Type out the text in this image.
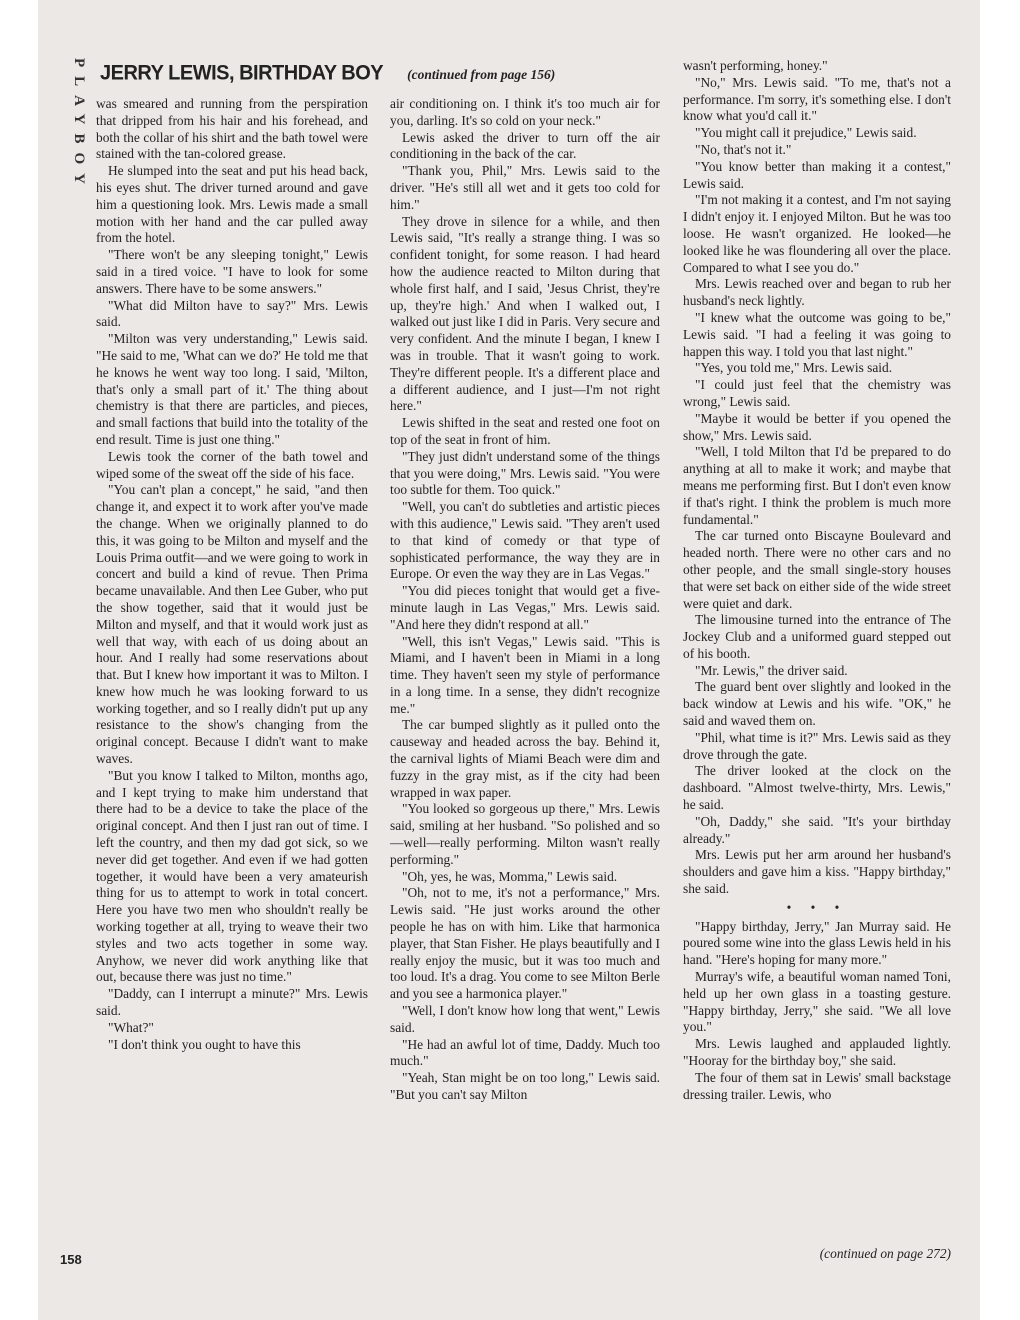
PLAYBOY JERRY LEWIS, BIRTHDAY BOY (continued from page 156)

was smeared and running from the perspiration that dripped from his hair and his forehead, and both the collar of his shirt and the bath towel were stained with the tan-colored grease.

He slumped into the seat and put his head back, his eyes shut. The driver turned around and gave him a questioning look. Mrs. Lewis made a small motion with her hand and the car pulled away from the hotel.

"There won't be any sleeping tonight," Lewis said in a tired voice. "I have to look for some answers. There have to be some answers."

"What did Milton have to say?" Mrs. Lewis said.

"Milton was very understanding," Lewis said. "He said to me, 'What can we do?' He told me that he knows he went way too long. I said, 'Milton, that's only a small part of it.' The thing about chemistry is that there are particles, and pieces, and small factions that build into the totality of the end result. Time is just one thing."

Lewis took the corner of the bath towel and wiped some of the sweat off the side of his face.

"You can't plan a concept," he said, "and then change it, and expect it to work after you've made the change. When we originally planned to do this, it was going to be Milton and myself and the Louis Prima outfit—and we were going to work in concert and build a kind of revue. Then Prima became unavailable. And then Lee Guber, who put the show together, said that it would just be Milton and myself, and that it would work just as well that way, with each of us doing about an hour. And I really had some reservations about that. But I knew how important it was to Milton. I knew how much he was looking forward to us working together, and so I really didn't put up any resistance to the show's changing from the original concept. Because I didn't want to make waves.

"But you know I talked to Milton, months ago, and I kept trying to make him understand that there had to be a device to take the place of the original concept. And then I just ran out of time. I left the country, and then my dad got sick, so we never did get together. And even if we had gotten together, it would have been a very amateurish thing for us to attempt to work in total concert. Here you have two men who shouldn't really be working together at all, trying to weave their two styles and two acts together in some way. Anyhow, we never did work anything like that out, because there was just no time."

"Daddy, can I interrupt a minute?" Mrs. Lewis said.

"What?"

"I don't think you ought to have this

air conditioning on. I think it's too much air for you, darling. It's so cold on your neck."

Lewis asked the driver to turn off the air conditioning in the back of the car.

"Thank you, Phil," Mrs. Lewis said to the driver. "He's still all wet and it gets too cold for him."

They drove in silence for a while, and then Lewis said, "It's really a strange thing. I was so confident tonight, for some reason. I had heard how the audience reacted to Milton during that whole first half, and I said, 'Jesus Christ, they're up, they're high.' And when I walked out, I walked out just like I did in Paris. Very secure and very confident. And the minute I began, I knew I was in trouble. That it wasn't going to work. They're different people. It's a different place and a different audience, and I just—I'm not right here."

Lewis shifted in the seat and rested one foot on top of the seat in front of him.

"They just didn't understand some of the things that you were doing," Mrs. Lewis said. "You were too subtle for them. Too quick."

"Well, you can't do subtleties and artistic pieces with this audience," Lewis said. "They aren't used to that kind of comedy or that type of sophisticated performance, the way they are in Europe. Or even the way they are in Las Vegas."

"You did pieces tonight that would get a five-minute laugh in Las Vegas," Mrs. Lewis said. "And here they didn't respond at all."

"Well, this isn't Vegas," Lewis said. "This is Miami, and I haven't been in Miami in a long time. They haven't seen my style of performance in a long time. In a sense, they didn't recognize me."

The car bumped slightly as it pulled onto the causeway and headed across the bay. Behind it, the carnival lights of Miami Beach were dim and fuzzy in the gray mist, as if the city had been wrapped in wax paper.

"You looked so gorgeous up there," Mrs. Lewis said, smiling at her husband. "So polished and so—well—really performing. Milton wasn't really performing."

"Oh, yes, he was, Momma," Lewis said.

"Oh, not to me, it's not a performance," Mrs. Lewis said. "He just works around the other people he has on with him. Like that harmonica player, that Stan Fisher. He plays beautifully and I really enjoy the music, but it was too much and too loud. It's a drag. You come to see Milton Berle and you see a harmonica player."

"Well, I don't know how long that went," Lewis said.

"He had an awful lot of time, Daddy. Much too much."

"Yeah, Stan might be on too long," Lewis said. "But you can't say Milton

wasn't performing, honey."

"No," Mrs. Lewis said. "To me, that's not a performance. I'm sorry, it's something else. I don't know what you'd call it."

"You might call it prejudice," Lewis said.

"No, that's not it."

"You know better than making it a contest," Lewis said.

"I'm not making it a contest, and I'm not saying I didn't enjoy it. I enjoyed Milton. But he was too loose. He wasn't organized. He looked—he looked like he was floundering all over the place. Compared to what I see you do."

Mrs. Lewis reached over and began to rub her husband's neck lightly.

"I knew what the outcome was going to be," Lewis said. "I had a feeling it was going to happen this way. I told you that last night."

"Yes, you told me," Mrs. Lewis said.

"I could just feel that the chemistry was wrong," Lewis said.

"Maybe it would be better if you opened the show," Mrs. Lewis said.

"Well, I told Milton that I'd be prepared to do anything at all to make it work; and maybe that means me performing first. But I don't even know if that's right. I think the problem is much more fundamental."

The car turned onto Biscayne Boulevard and headed north. There were no other cars and no other people, and the small single-story houses that were set back on either side of the wide street were quiet and dark.

The limousine turned into the entrance of The Jockey Club and a uniformed guard stepped out of his booth.

"Mr. Lewis," the driver said.

The guard bent over slightly and looked in the back window at Lewis and his wife. "OK," he said and waved them on.

"Phil, what time is it?" Mrs. Lewis said as they drove through the gate.

The driver looked at the clock on the dashboard. "Almost twelve-thirty, Mrs. Lewis," he said.

"Oh, Daddy," she said. "It's your birthday already."

Mrs. Lewis put her arm around her husband's shoulders and gave him a kiss. "Happy birthday," she said.

• • •

"Happy birthday, Jerry," Jan Murray said. He poured some wine into the glass Lewis held in his hand. "Here's hoping for many more."

Murray's wife, a beautiful woman named Toni, held up her own glass in a toasting gesture. "Happy birthday, Jerry," she said. "We all love you."

Mrs. Lewis laughed and applauded lightly. "Hooray for the birthday boy," she said.

The four of them sat in Lewis' small backstage dressing trailer. Lewis, who

(continued on page 272)
158
